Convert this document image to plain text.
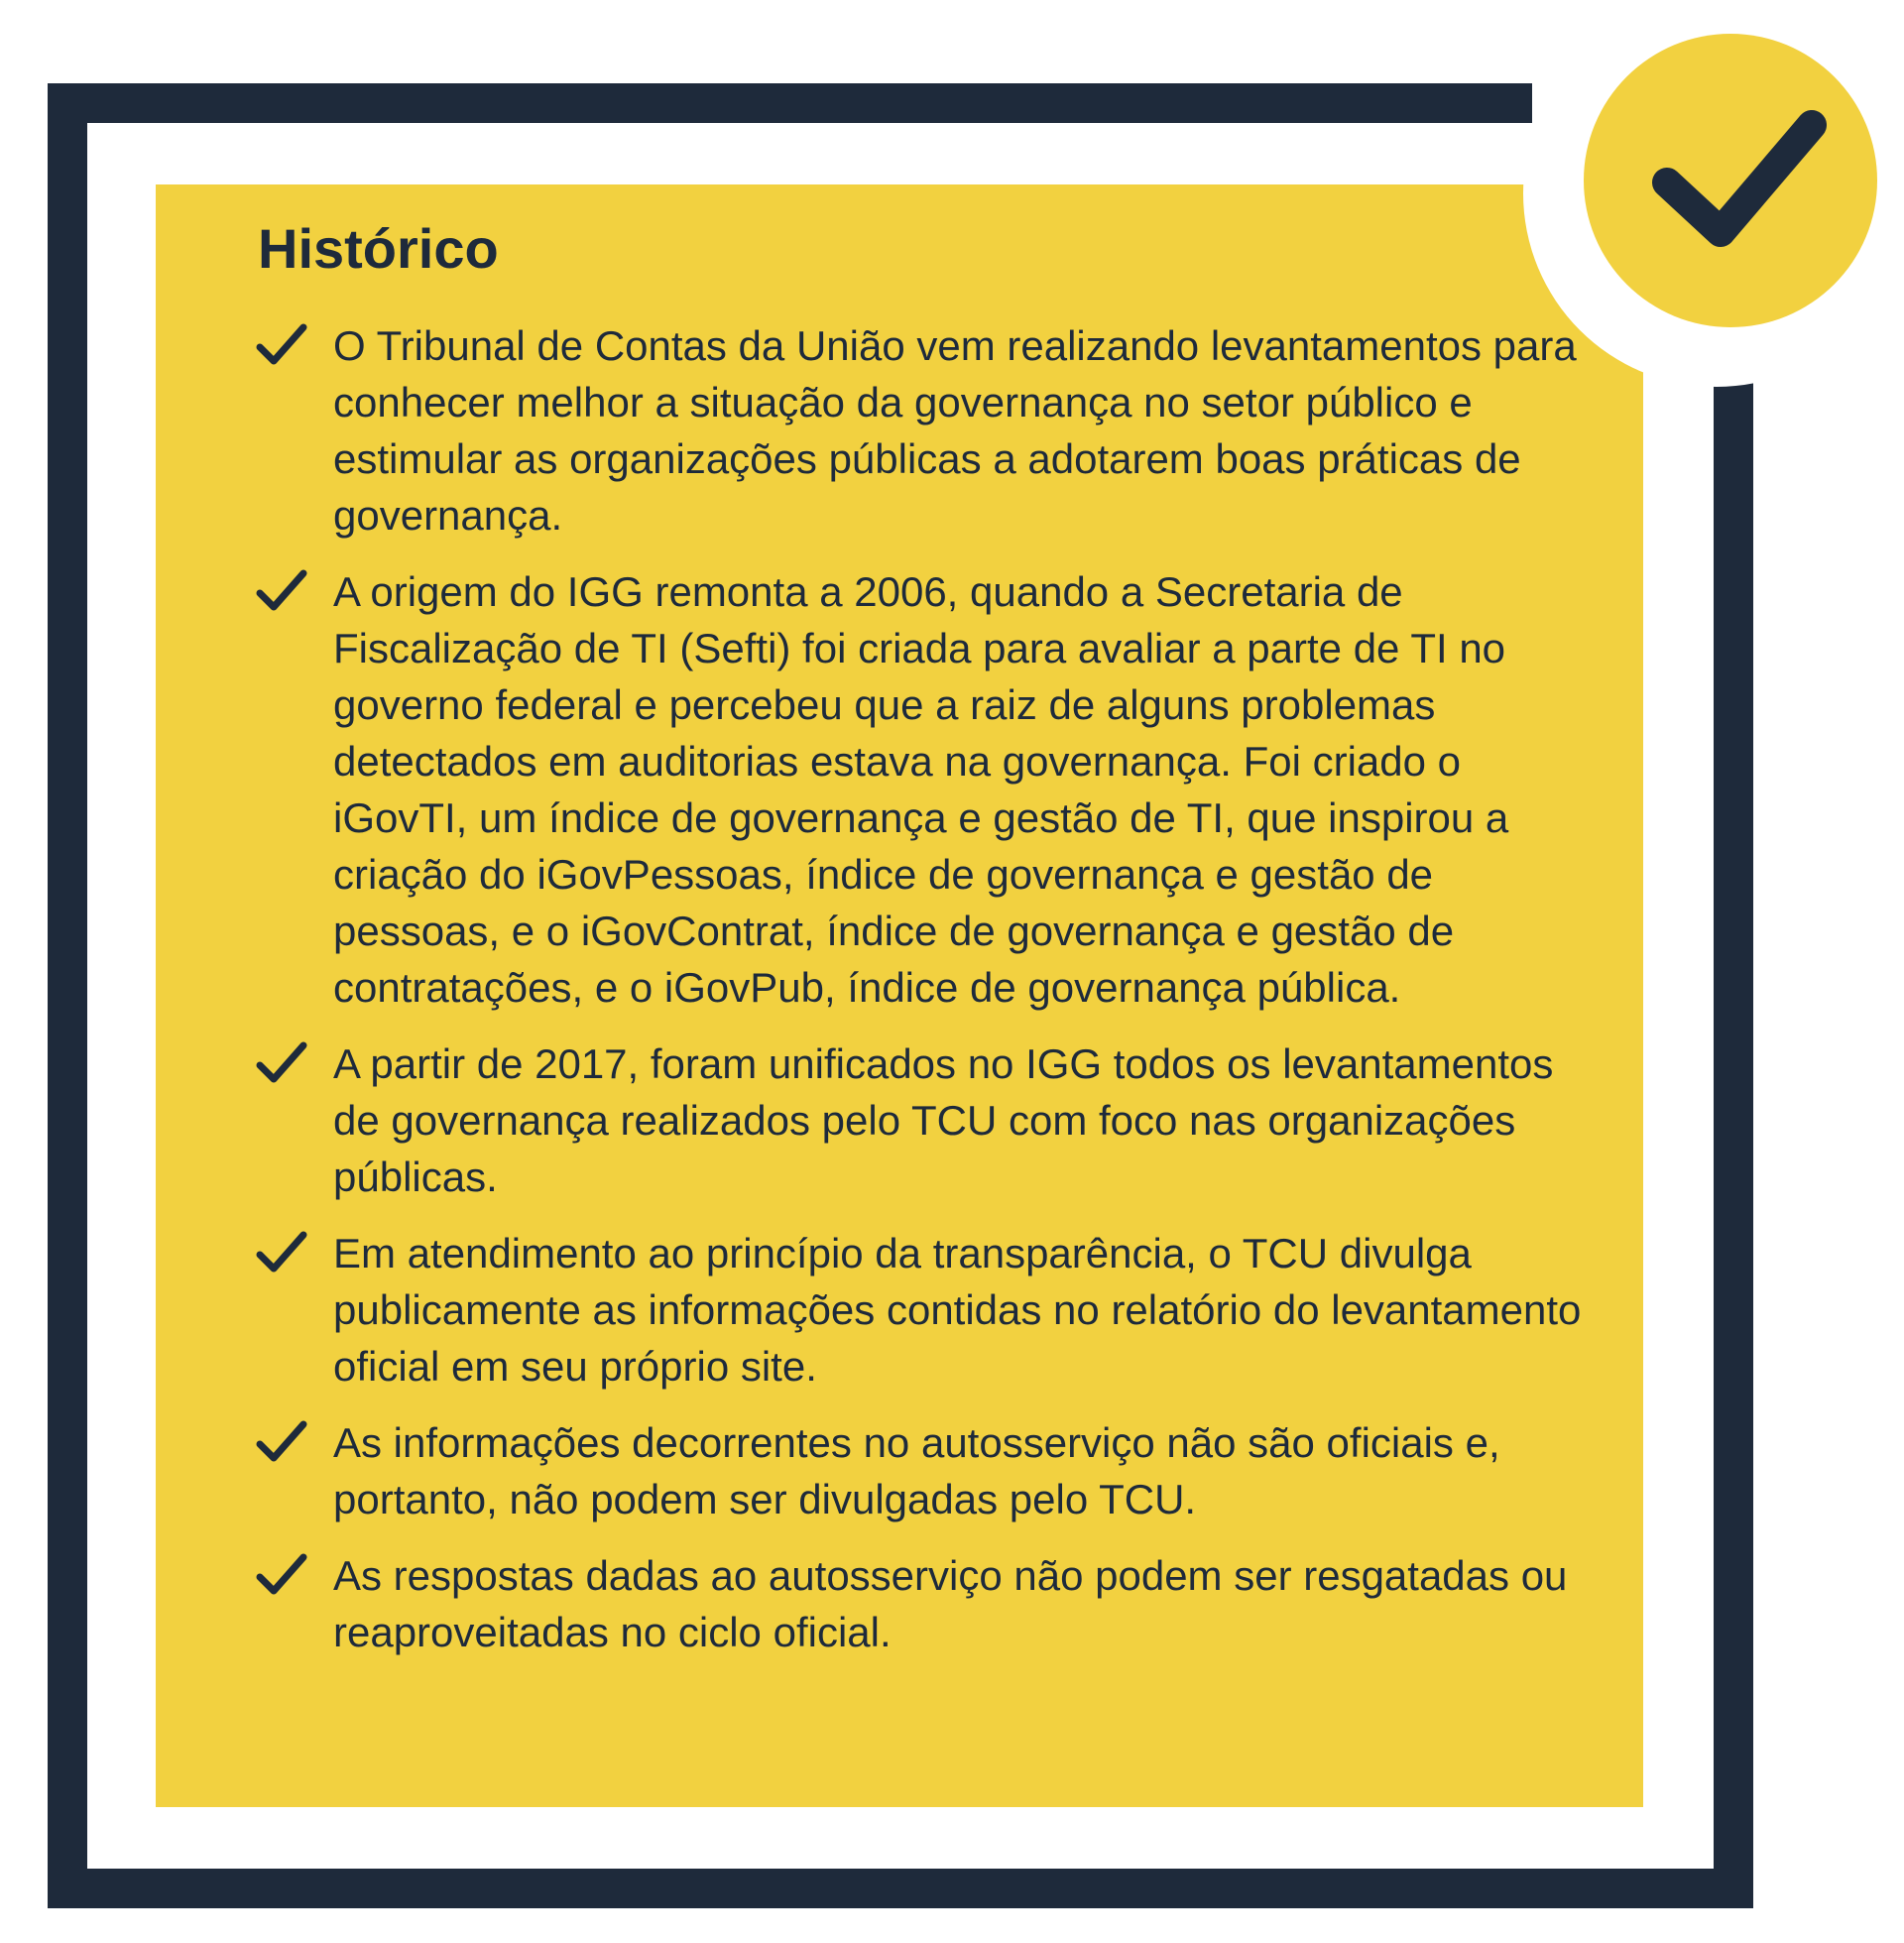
Histórico
O Tribunal de Contas da União vem realizando levantamentos para conhecer melhor a situação da governança no setor público e estimular as organizações públicas a adotarem boas práticas de governança.
A origem do IGG remonta a 2006, quando a Secretaria de Fiscalização de TI (Sefti) foi criada para avaliar a parte de TI no governo federal e percebeu que a raiz de alguns problemas detectados em auditorias estava na governança. Foi criado o iGovTI, um índice de governança e gestão de TI, que inspirou a criação do iGovPessoas, índice de governança e gestão de pessoas, e o iGovContrat, índice de governança e gestão de contratações, e o iGovPub, índice de governança pública.
A partir de 2017, foram unificados no IGG todos os levantamentos de governança realizados pelo TCU com foco nas organizações públicas.
Em atendimento ao princípio da transparência, o TCU divulga publicamente as informações contidas no relatório do levantamento oficial em seu próprio site.
As informações decorrentes no autosserviço não são oficiais e, portanto, não podem ser divulgadas pelo TCU.
As respostas dadas ao autosserviço não podem ser resgatadas ou reaproveitadas no ciclo oficial.
